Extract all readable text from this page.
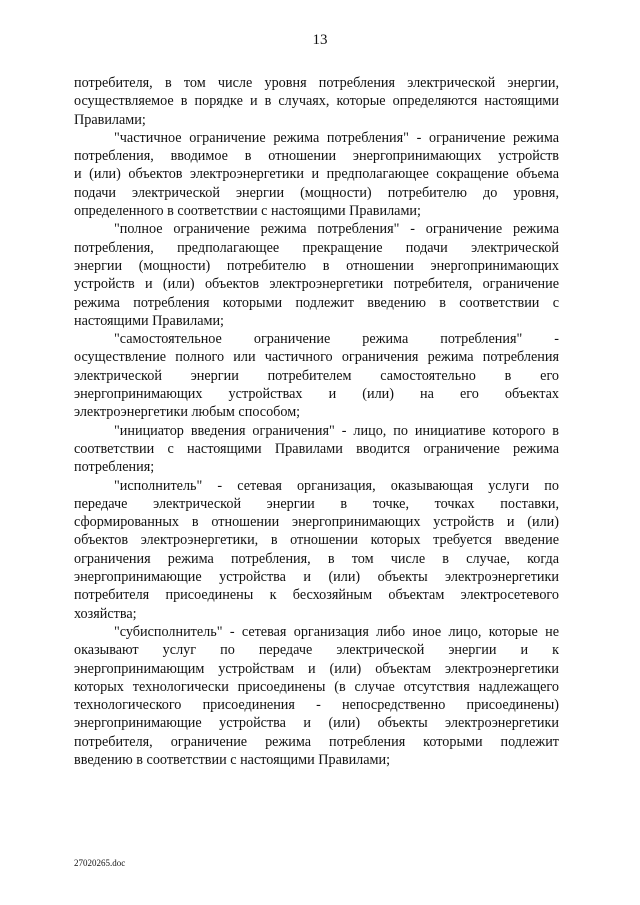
13
потребителя, в том числе уровня потребления электрической энергии,
осуществляемое в порядке и в случаях, которые определяются настоящими
Правилами;
"частичное ограничение режима потребления" - ограничение режима
потребления, вводимое в отношении энергопринимающих устройств
и (или) объектов электроэнергетики и предполагающее сокращение объема
подачи электрической энергии (мощности) потребителю до уровня,
определенного в соответствии с настоящими Правилами;
"полное ограничение режима потребления" - ограничение режима
потребления, предполагающее прекращение подачи электрической
энергии (мощности) потребителю в отношении энергопринимающих
устройств и (или) объектов электроэнергетики потребителя, ограничение
режима потребления которыми подлежит введению в соответствии с
настоящими Правилами;
"самостоятельное ограничение режима потребления" -
осуществление полного или частичного ограничения режима потребления
электрической энергии потребителем самостоятельно в его
энергопринимающих устройствах и (или) на его объектах
электроэнергетики любым способом;
"инициатор введения ограничения" - лицо, по инициативе которого в
соответствии с настоящими Правилами вводится ограничение режима
потребления;
"исполнитель" - сетевая организация, оказывающая услуги по
передаче электрической энергии в точке, точках поставки,
сформированных в отношении энергопринимающих устройств и (или)
объектов электроэнергетики, в отношении которых требуется введение
ограничения режима потребления, в том числе в случае, когда
энергопринимающие устройства и (или) объекты электроэнергетики
потребителя присоединены к бесхозяйным объектам электросетевого
хозяйства;
"субисполнитель" - сетевая организация либо иное лицо, которые не
оказывают услуг по передаче электрической энергии и к
энергопринимающим устройствам и (или) объектам электроэнергетики
которых технологически присоединены (в случае отсутствия надлежащего
технологического присоединения - непосредственно присоединены)
энергопринимающие устройства и (или) объекты электроэнергетики
потребителя, ограничение режима потребления которыми подлежит
введению в соответствии с настоящими Правилами;
27020265.doc
